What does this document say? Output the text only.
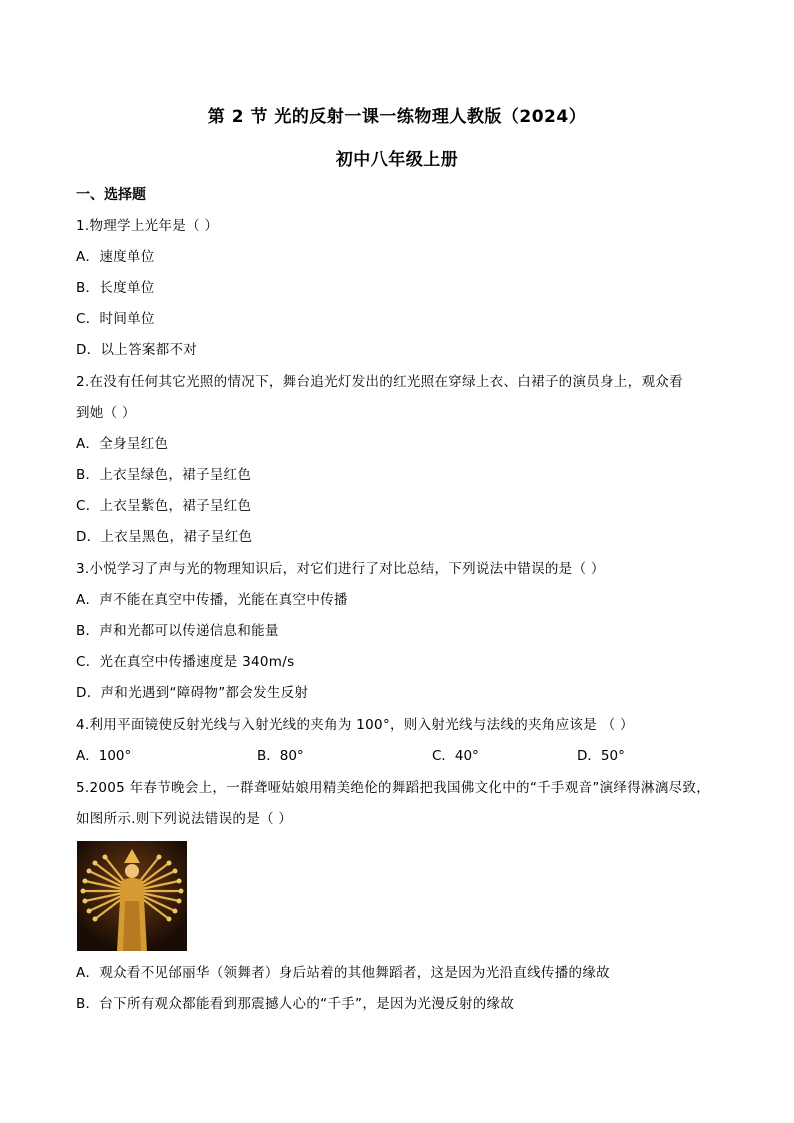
第 2 节 光的反射一课一练物理人教版（2024）
初中八年级上册
一、选择题
1.物理学上光年是（ ）
A．速度单位
B．长度单位
C．时间单位
D．以上答案都不对
2.在没有任何其它光照的情况下，舞台追光灯发出的红光照在穿绿上衣、白裙子的演员身上，观众看
到她（ ）
A．全身呈红色
B．上衣呈绿色，裙子呈红色
C．上衣呈紫色，裙子呈红色
D．上衣呈黑色，裙子呈红色
3.小悦学习了声与光的物理知识后，对它们进行了对比总结，下列说法中错误的是（ ）
A．声不能在真空中传播，光能在真空中传播
B．声和光都可以传递信息和能量
C．光在真空中传播速度是 340m/s
D．声和光遇到“障碍物”都会发生反射
4.利用平面镜使反射光线与入射光线的夹角为 100°，则入射光线与法线的夹角应该是 （ ）
A．100°	B．80°	C．40°	D．50°
5.2005 年春节晚会上，一群聋哑姑娘用精美绝伦的舞蹈把我国佛文化中的“千手观音”演绎得淋漓尽致，
如图所示.则下列说法错误的是（ ）
A．观众看不见邰丽华（领舞者）身后站着的其他舞蹈者，这是因为光沿直线传播的缘故
B．台下所有观众都能看到那震撼人心的“千手”，是因为光漫反射的缘故
